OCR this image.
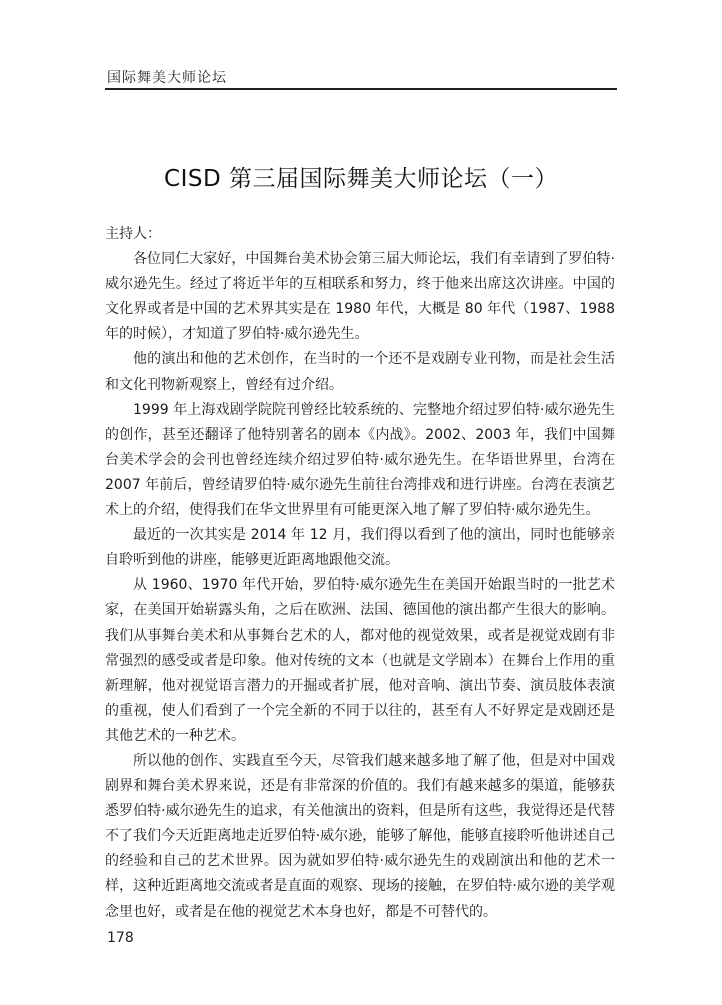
国际舞美大师论坛
CISD 第三届国际舞美大师论坛（一）

主持人：

各位同仁大家好，中国舞台美术协会第三届大师论坛，我们有幸请到了罗伯特·威尔逊先生。经过了将近半年的互相联系和努力，终于他来出席这次讲座。中国的文化界或者是中国的艺术界其实是在 1980 年代，大概是 80 年代（1987、1988 年的时候），才知道了罗伯特·威尔逊先生。

他的演出和他的艺术创作，在当时的一个还不是戏剧专业刊物，而是社会生活和文化刊物新观察上，曾经有过介绍。

1999 年上海戏剧学院院刊曾经比较系统的、完整地介绍过罗伯特·威尔逊先生的创作，甚至还翻译了他特别著名的剧本《内战》。2002、2003 年，我们中国舞台美术学会的会刊也曾经连续介绍过罗伯特·威尔逊先生。在华语世界里，台湾在 2007 年前后，曾经请罗伯特·威尔逊先生前往台湾排戏和进行讲座。台湾在表演艺术上的介绍，使得我们在华文世界里有可能更深入地了解了罗伯特·威尔逊先生。

最近的一次其实是 2014 年 12 月，我们得以看到了他的演出，同时也能够亲自聆听到他的讲座，能够更近距离地跟他交流。

从 1960、1970 年代开始，罗伯特·威尔逊先生在美国开始跟当时的一批艺术家，在美国开始崭露头角，之后在欧洲、法国、德国他的演出都产生很大的影响。我们从事舞台美术和从事舞台艺术的人，都对他的视觉效果，或者是视觉戏剧有非常强烈的感受或者是印象。他对传统的文本（也就是文学剧本）在舞台上作用的重新理解，他对视觉语言潜力的开掘或者扩展，他对音响、演出节奏、演员肢体表演的重视，使人们看到了一个完全新的不同于以往的，甚至有人不好界定是戏剧还是其他艺术的一种艺术。

所以他的创作、实践直至今天，尽管我们越来越多地了解了他，但是对中国戏剧界和舞台美术界来说，还是有非常深的价值的。我们有越来越多的渠道，能够获悉罗伯特·威尔逊先生的追求，有关他演出的资料，但是所有这些，我觉得还是代替不了我们今天近距离地走近罗伯特·威尔逊，能够了解他，能够直接聆听他讲述自己的经验和自己的艺术世界。因为就如罗伯特·威尔逊先生的戏剧演出和他的艺术一样，这种近距离地交流或者是直面的观察、现场的接触，在罗伯特·威尔逊的美学观念里也好，或者是在他的视觉艺术本身也好，都是不可替代的。

178
